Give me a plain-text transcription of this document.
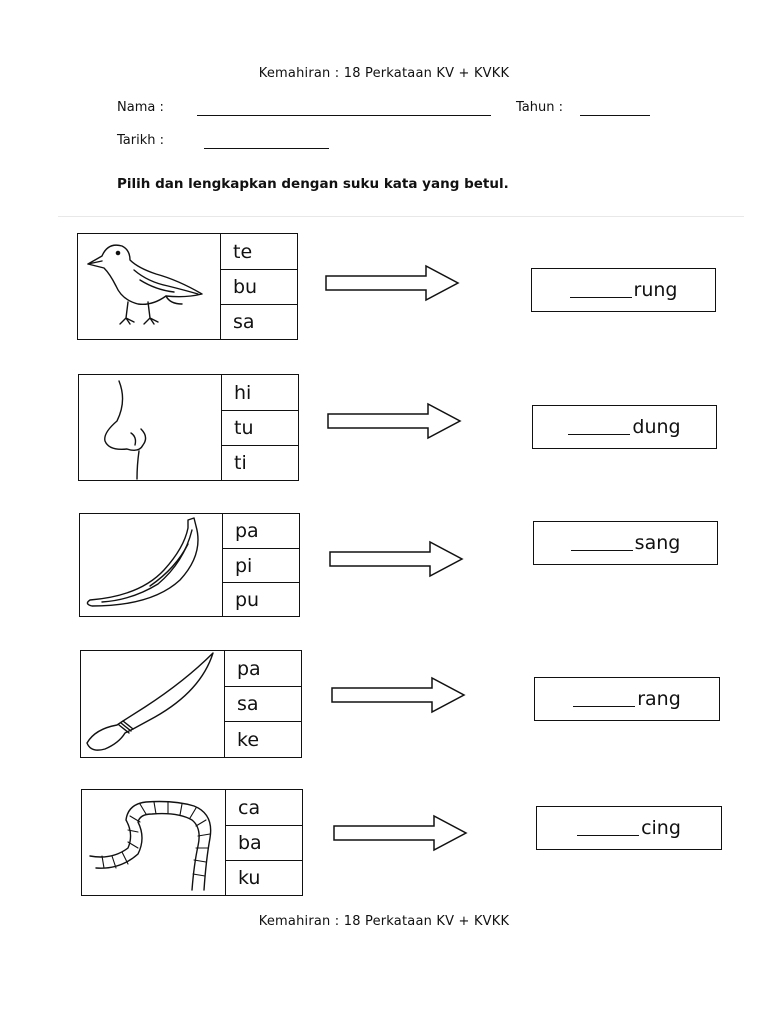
Kemahiran : 18 Perkataan KV + KVKK
Nama :	Tahun :
Tarikh :
Pilih dan lengkapkan dengan suku kata yang betul.
te
bu
sa
rung
hi
tu
ti
dung
pa
pi
pu
sang
pa
sa
ke
rang
ca
ba
ku
cing
Kemahiran : 18 Perkataan KV + KVKK
